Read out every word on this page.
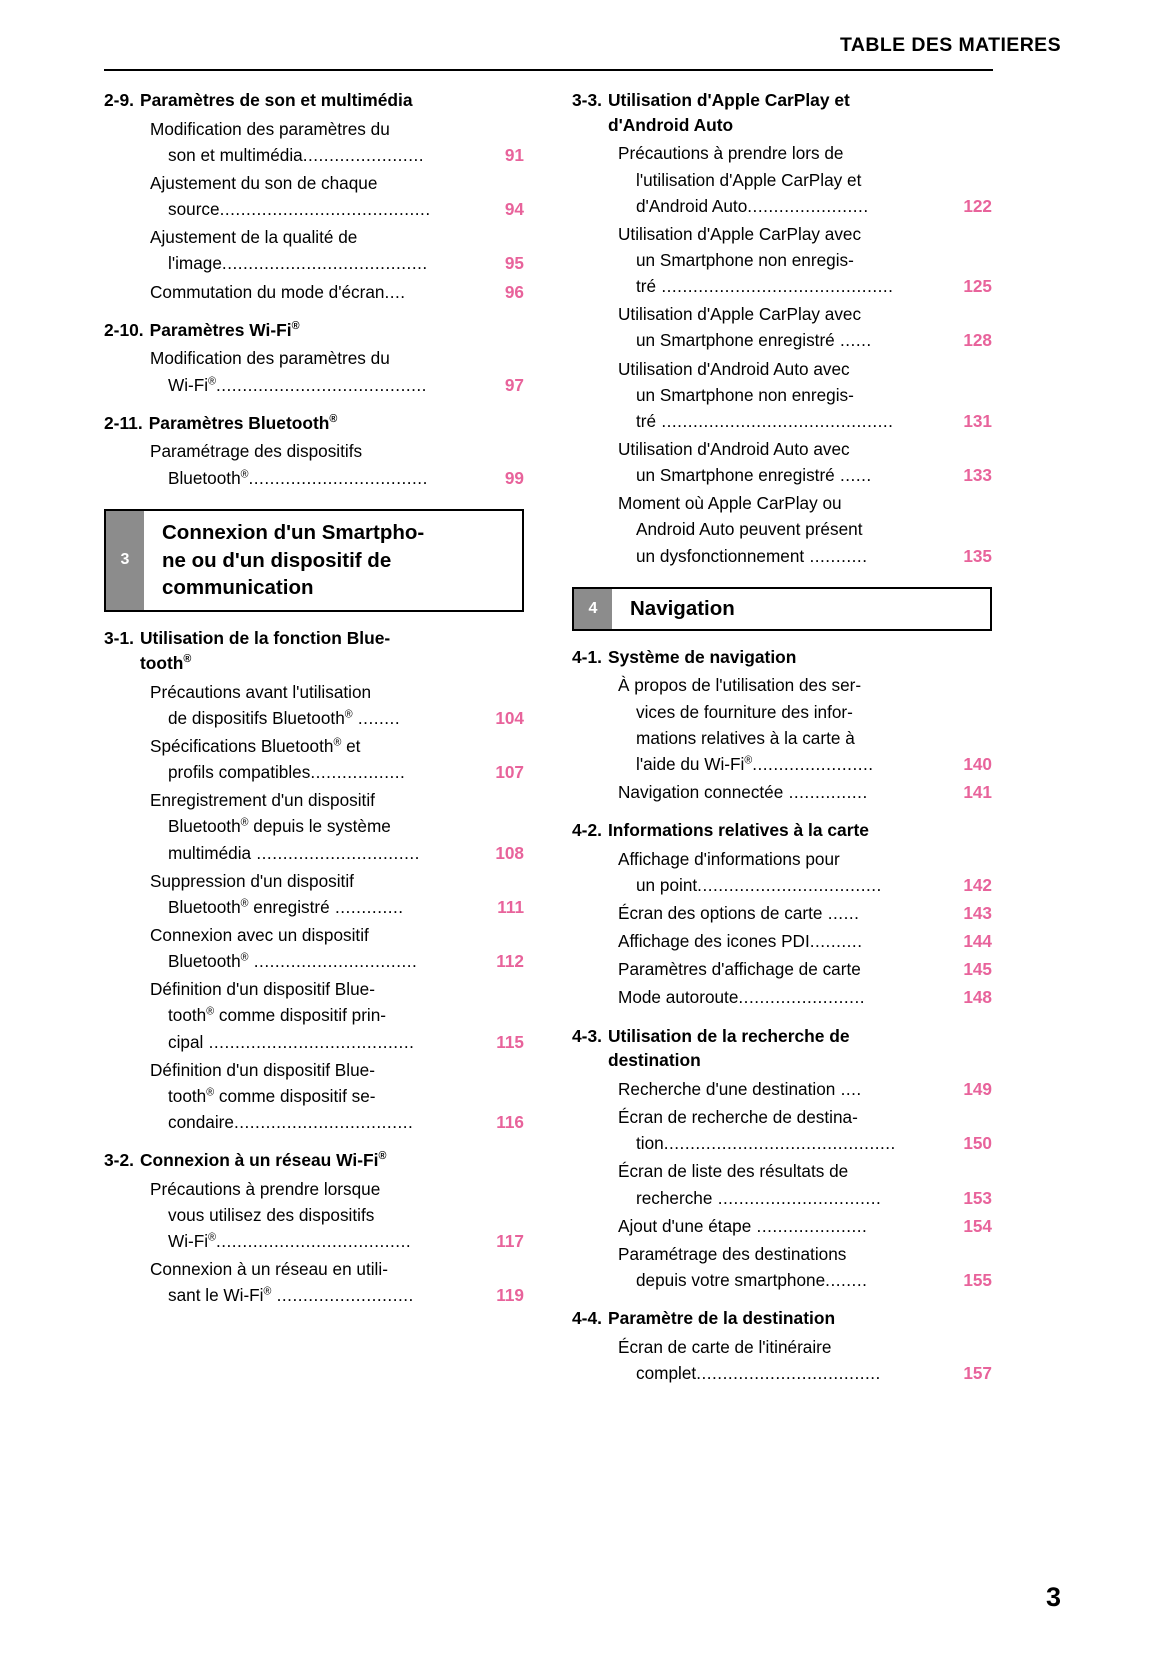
TABLE DES MATIERES
2-9. Paramètres de son et multimédia
Modification des paramètres du
son et multimédia.......................	91
Ajustement du son de chaque
source........................................	94
Ajustement de la qualité de
l'image.......................................	95
Commutation du mode d'écran....	96
2-10. Paramètres Wi-Fi®
Modification des paramètres du
Wi-Fi®........................................	97
2-11. Paramètres Bluetooth®
Paramétrage des dispositifs
Bluetooth®..................................	99
3
Connexion d'un Smartpho-
ne ou d'un dispositif de
communication
3-1. Utilisation de la fonction Blue-
tooth®
Précautions avant l'utilisation
de dispositifs Bluetooth® ........	104
Spécifications Bluetooth® et
profils compatibles..................	107
Enregistrement d'un dispositif
Bluetooth® depuis le système
multimédia ...............................	108
Suppression d'un dispositif
Bluetooth® enregistré .............	111
Connexion avec un dispositif
Bluetooth® ...............................	112
Définition d'un dispositif Blue-
tooth® comme dispositif prin-
cipal .......................................	115
Définition d'un dispositif Blue-
tooth® comme dispositif se-
condaire..................................	116
3-2. Connexion à un réseau Wi-Fi®
Précautions à prendre lorsque
vous utilisez des dispositifs
Wi-Fi®.....................................	117
Connexion à un réseau en utili-
sant le Wi-Fi® ..........................	119
3-3. Utilisation d'Apple CarPlay et
d'Android Auto
Précautions à prendre lors de
l'utilisation d'Apple CarPlay et
d'Android Auto.......................	122
Utilisation d'Apple CarPlay avec
un Smartphone non enregis-
tré ............................................	125
Utilisation d'Apple CarPlay avec
un Smartphone enregistré ......	128
Utilisation d'Android Auto avec
un Smartphone non enregis-
tré ............................................	131
Utilisation d'Android Auto avec
un Smartphone enregistré ......	133
Moment où Apple CarPlay ou
Android Auto peuvent présent
un dysfonctionnement ...........	135
4	Navigation
4-1. Système de navigation
À propos de l'utilisation des ser-
vices de fourniture des infor-
mations relatives à la carte à
l'aide du Wi-Fi®.......................	140
Navigation connectée ...............	141
4-2. Informations relatives à la carte
Affichage d'informations pour
un point...................................	142
Écran des options de carte ......	143
Affichage des icones PDI..........	144
Paramètres d'affichage de carte	145
Mode autoroute........................	148
4-3. Utilisation de la recherche de
destination
Recherche d'une destination ....	149
Écran de recherche de destina-
tion............................................	150
Écran de liste des résultats de
recherche ...............................	153
Ajout d'une étape .....................	154
Paramétrage des destinations
depuis votre smartphone........	155
4-4. Paramètre de la destination
Écran de carte de l'itinéraire
complet...................................	157
3
